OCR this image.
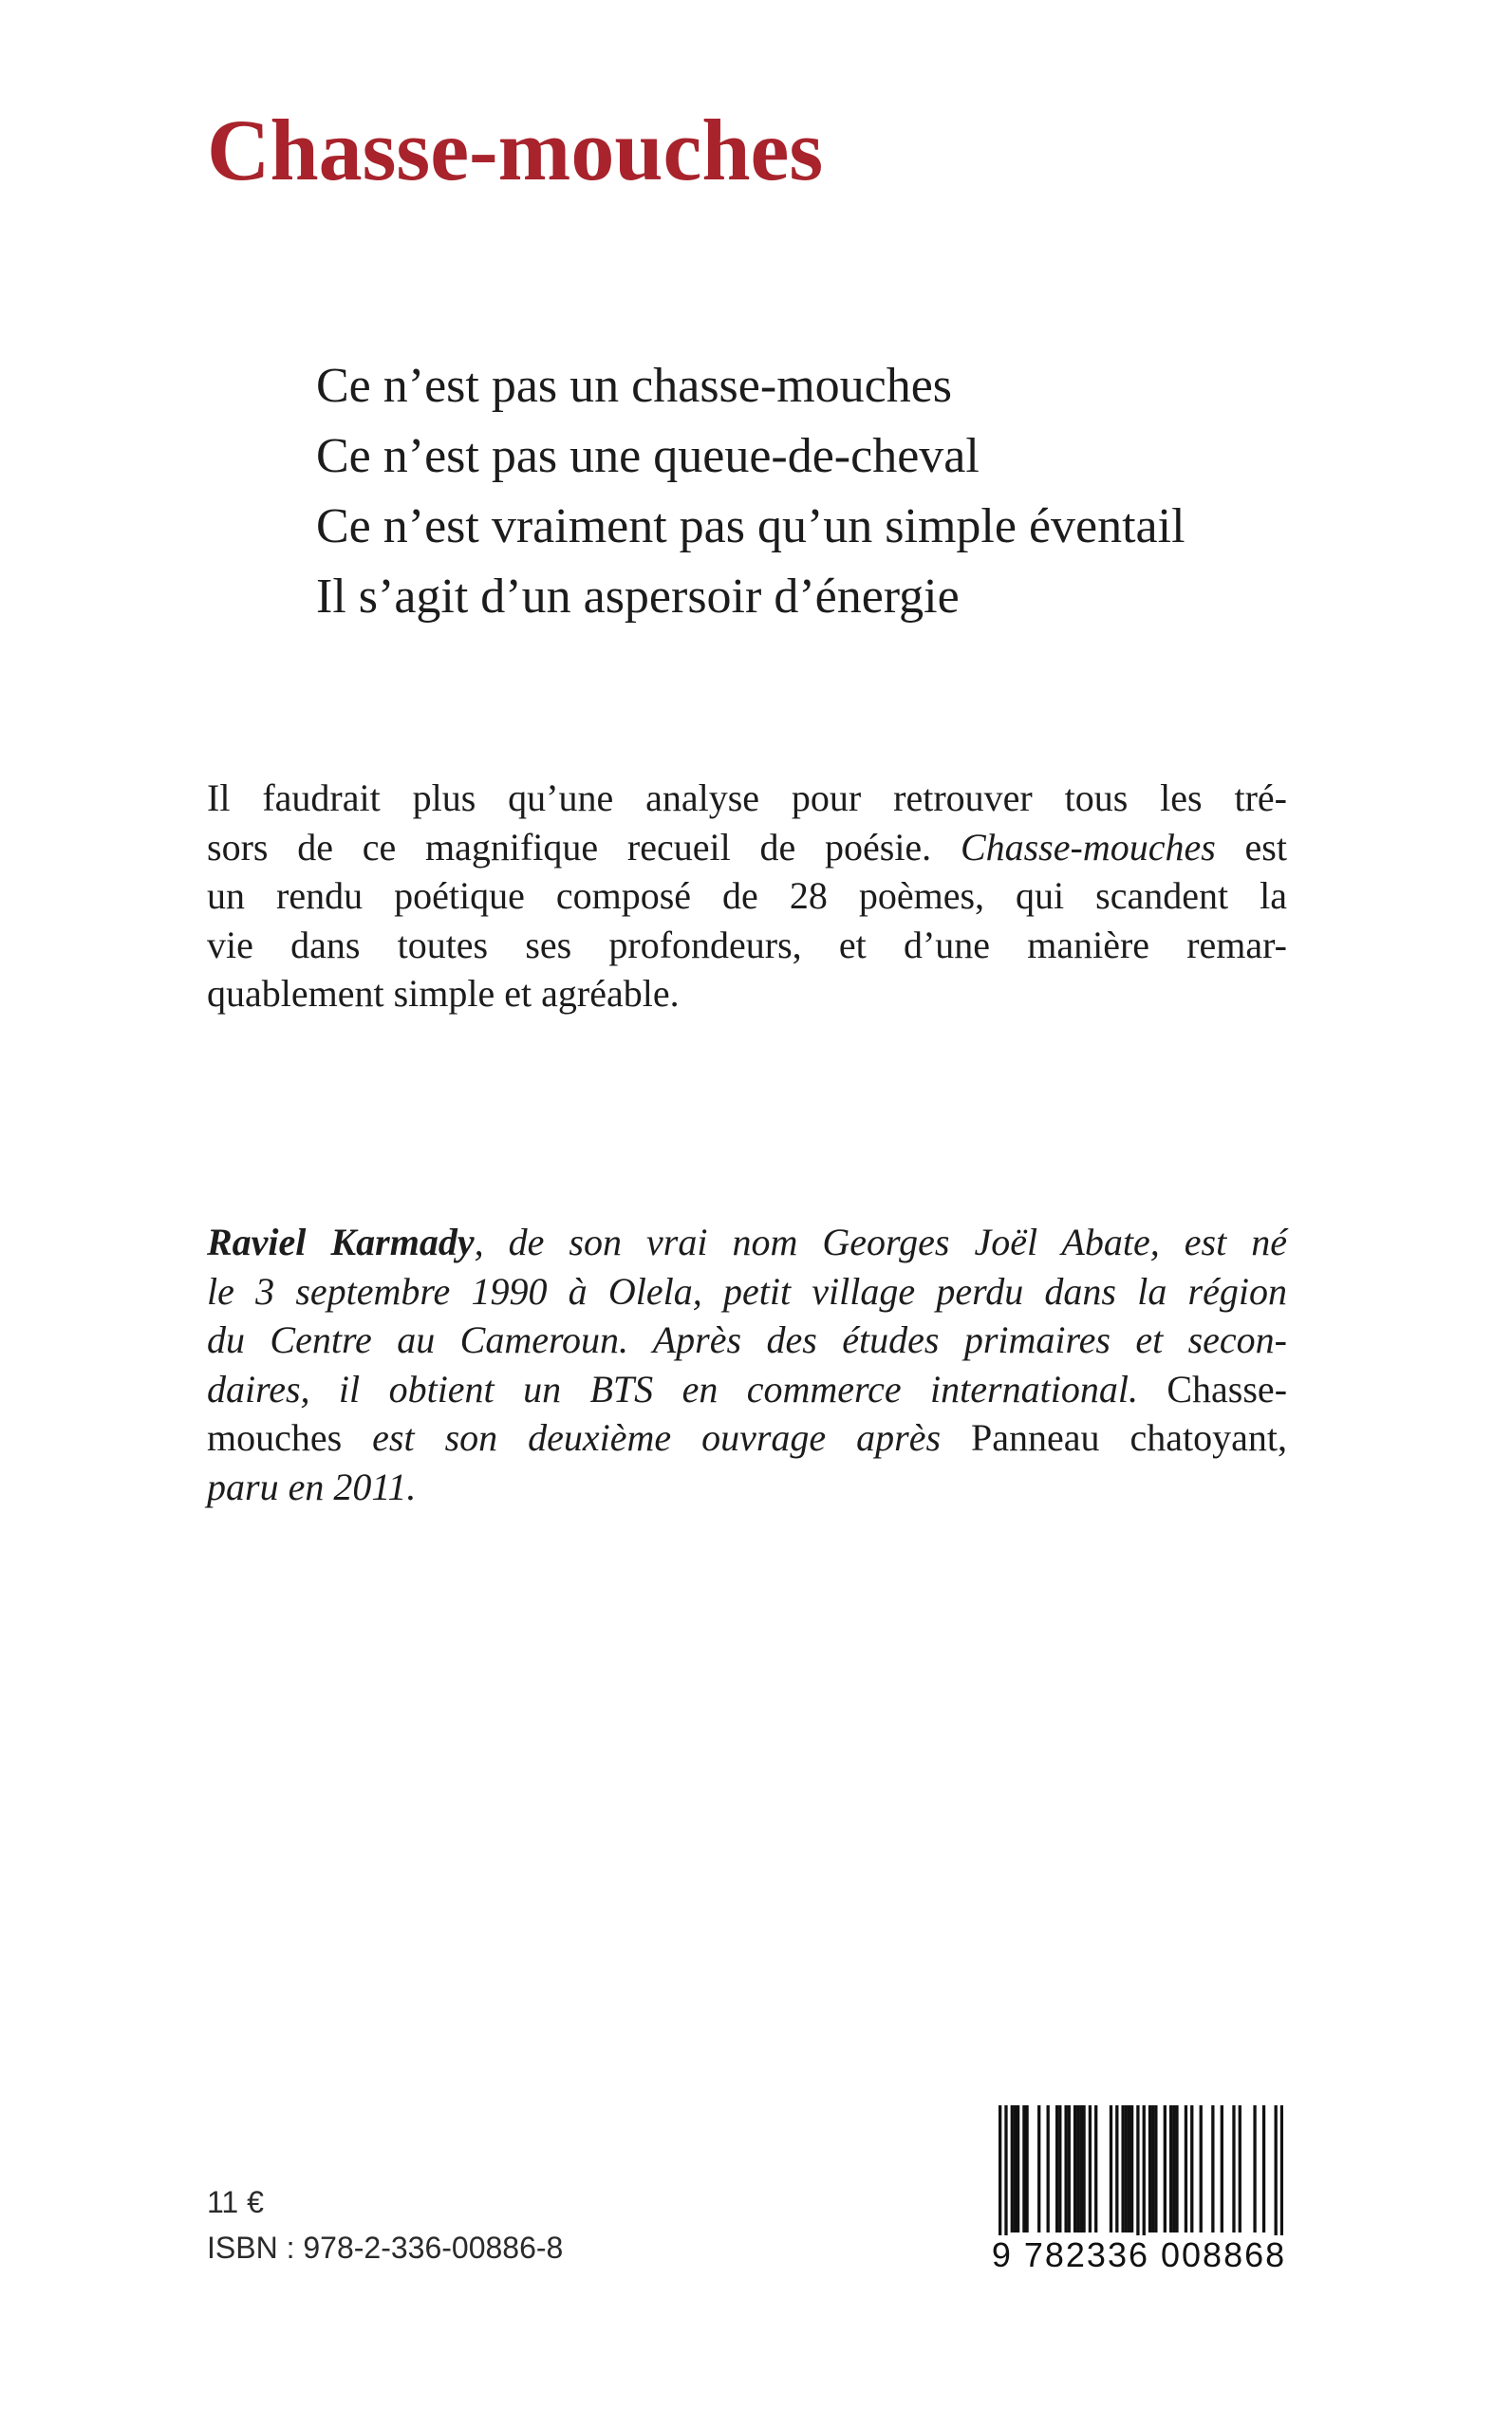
Chasse-mouches
Ce n’est pas un chasse-mouches
Ce n’est pas une queue-de-cheval
Ce n’est vraiment pas qu’un simple éventail
Il s’agit d’un aspersoir d’énergie
Il faudrait plus qu’une analyse pour retrouver tous les tré-
sors de ce magnifique recueil de poésie. Chasse-mouches est
un rendu poétique composé de 28 poèmes, qui scandent la
vie dans toutes ses profondeurs, et d’une manière remar-
quablement simple et agréable.
Raviel Karmady, de son vrai nom Georges Joël Abate, est né
le 3 septembre 1990 à Olela, petit village perdu dans la région
du Centre au Cameroun. Après des études primaires et secon-
daires, il obtient un BTS en commerce international. Chasse-
mouches est son deuxième ouvrage après Panneau chatoyant,
paru en 2011.
11 €
ISBN : 978-2-336-00886-8	9 782336 008868
